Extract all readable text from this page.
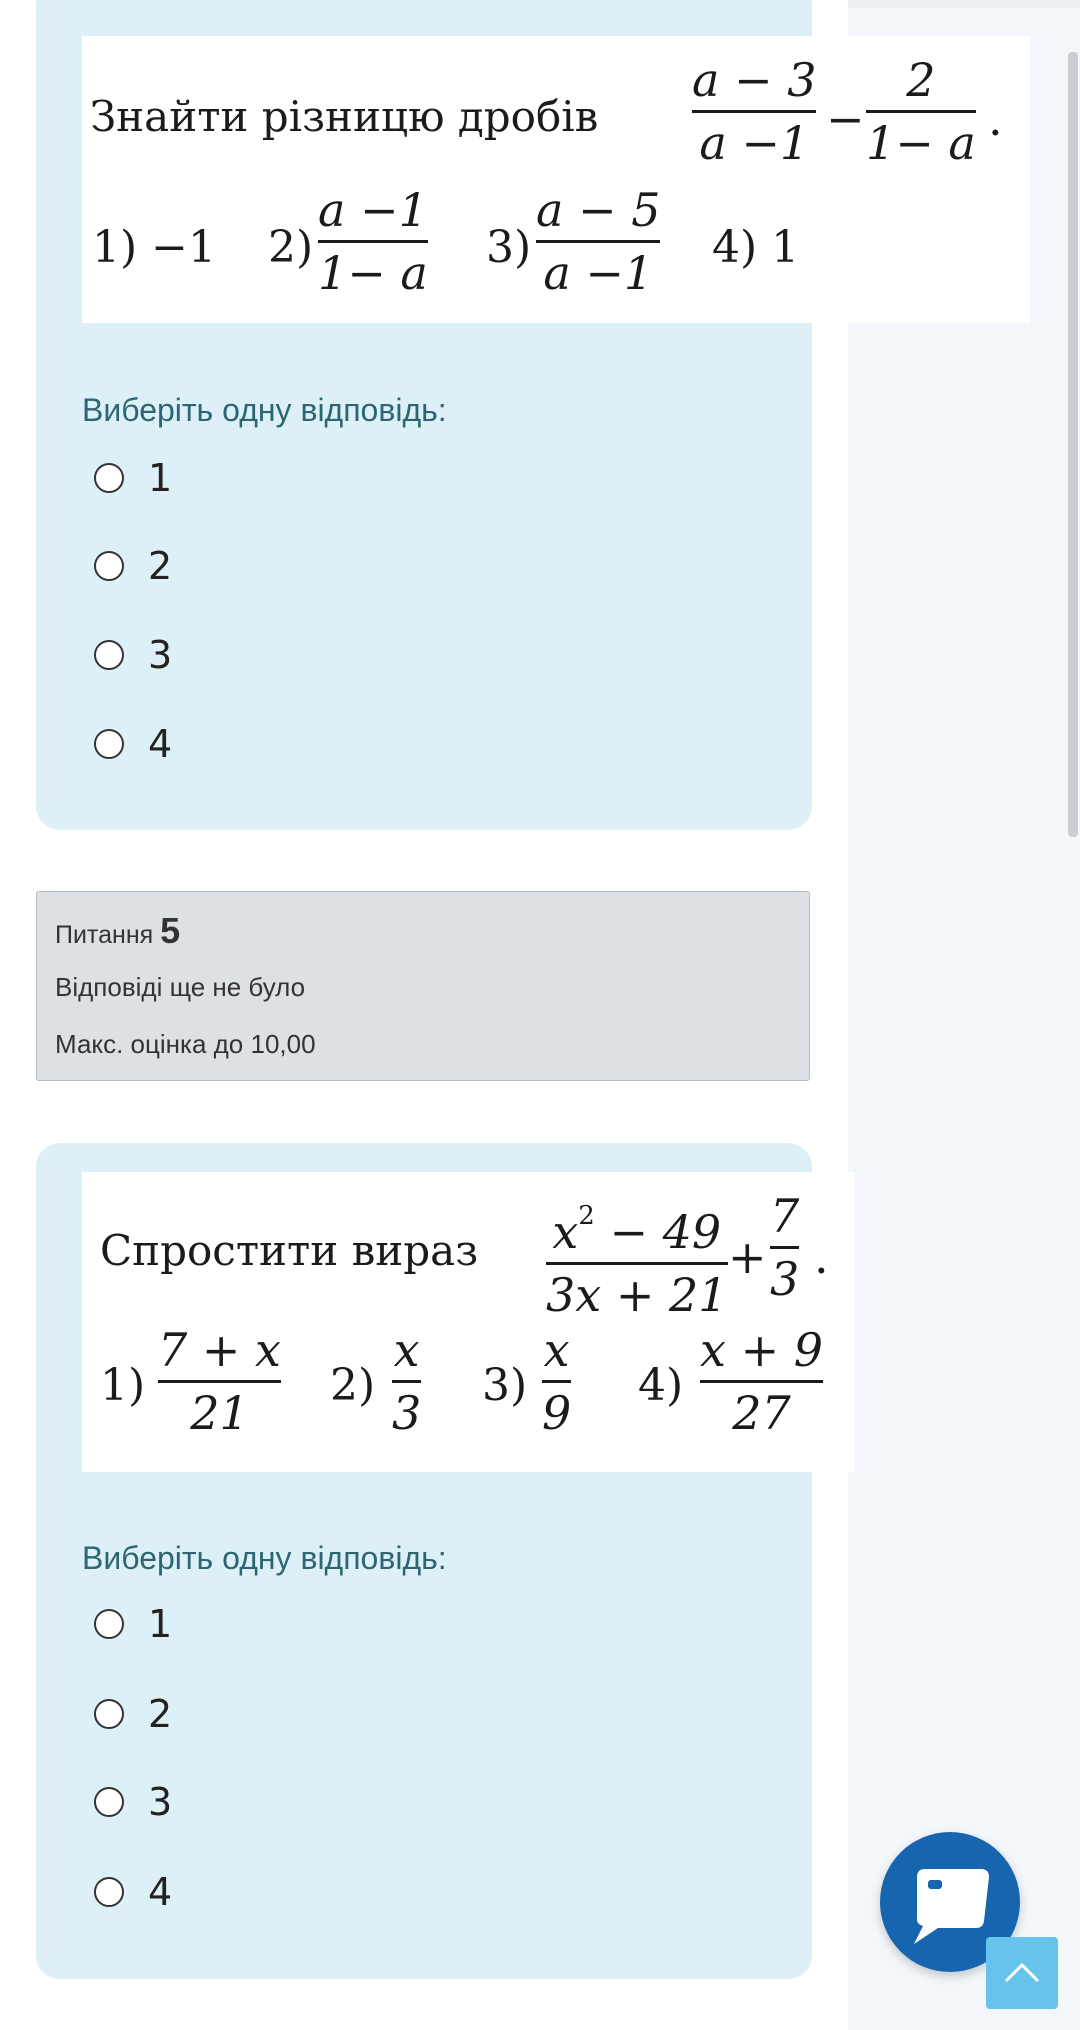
Знайти різницю дробів
a − 3
a −1 −
2
1− a .
1) −1 2)
a −1
1− a 3)
a − 5
a −1 4) 1
Виберіть одну відповідь:
1
2
3
4
Питання 5
Відповіді ще не було
Макс. оцінка до 10,00
Спростити вираз $x^2 - 49$
3x + 21
+
7
3 .
1)
7 + x
21
2)
x
3
3)
x
9
4)
x + 9
27
Виберіть одну відповідь:
1
2
3
4
